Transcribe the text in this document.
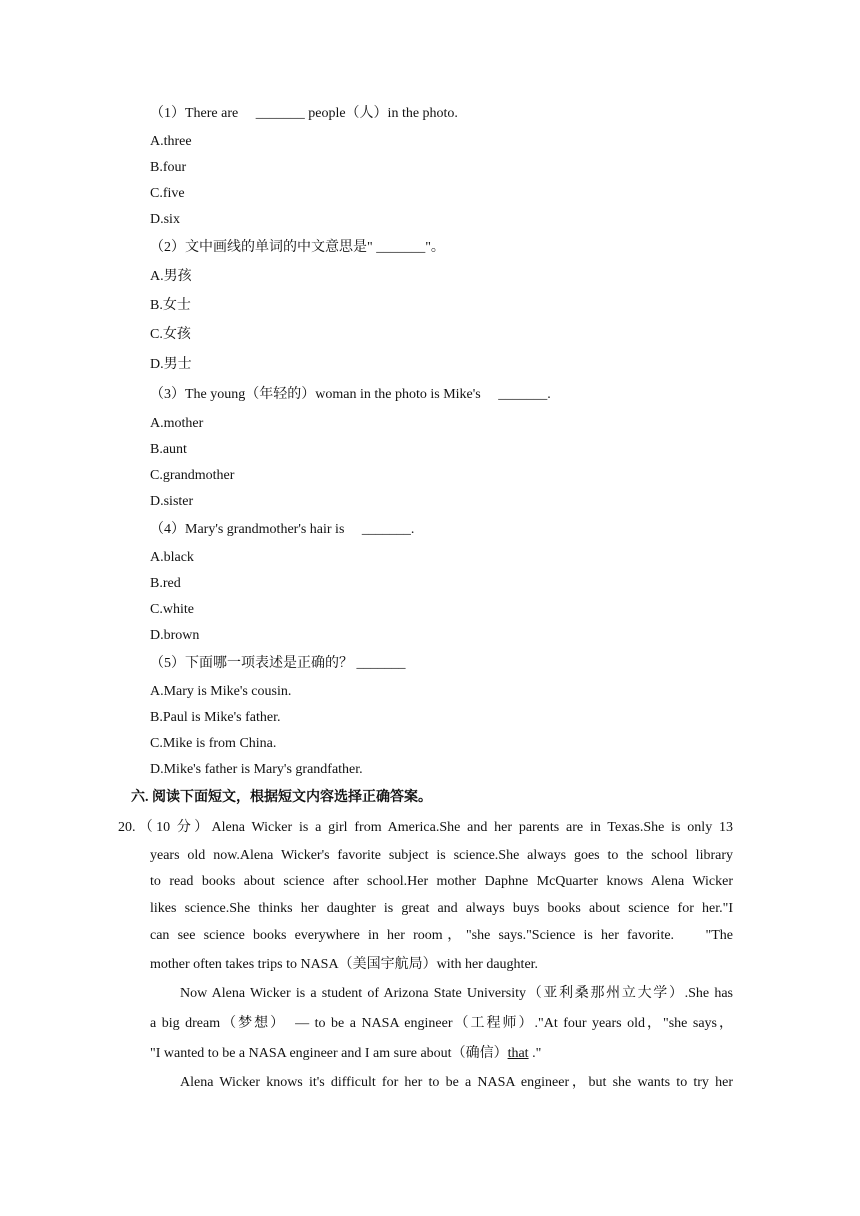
（1）There are　 _______ people（人）in the photo.
A.three
B.four
C.five
D.six
（2）文中画线的单词的中文意思是" _______"。
A.男孩
B.女士
C.女孩
D.男士
（3）The young（年轻的）woman in the photo is Mike's　 _______.
A.mother
B.aunt
C.grandmother
D.sister
（4）Mary's grandmother's hair is　 _______.
A.black
B.red
C.white
D.brown
（5）下面哪一项表述是正确的？ _______
A.Mary is Mike's cousin.
B.Paul is Mike's father.
C.Mike is from China.
D.Mike's father is Mary's grandfather.
六. 阅读下面短文，根据短文内容选择正确答案。
20.（10 分）Alena Wicker is a girl from America.She and her parents are in Texas.She is only 13
years old now.Alena Wicker's favorite subject is science.She always goes to the school library
to read books about science after school.Her mother Daphne McQuarter knows Alena Wicker
likes science.She thinks her daughter is great and always buys books about science for her."I
can see science books everywhere in her room，"she says."Science is her favorite.　 "The
mother often takes trips to NASA（美国宇航局）with her daughter.
Now Alena Wicker is a student of Arizona State University（亚利桑那州立大学）.She has
a big dream（梦想）　— to be a NASA engineer（工程师）."At four years old，"she says，
"I wanted to be a NASA engineer and I am sure about（确信）that ."
Alena Wicker knows it's difficult for her to be a NASA engineer，but she wants to try her
